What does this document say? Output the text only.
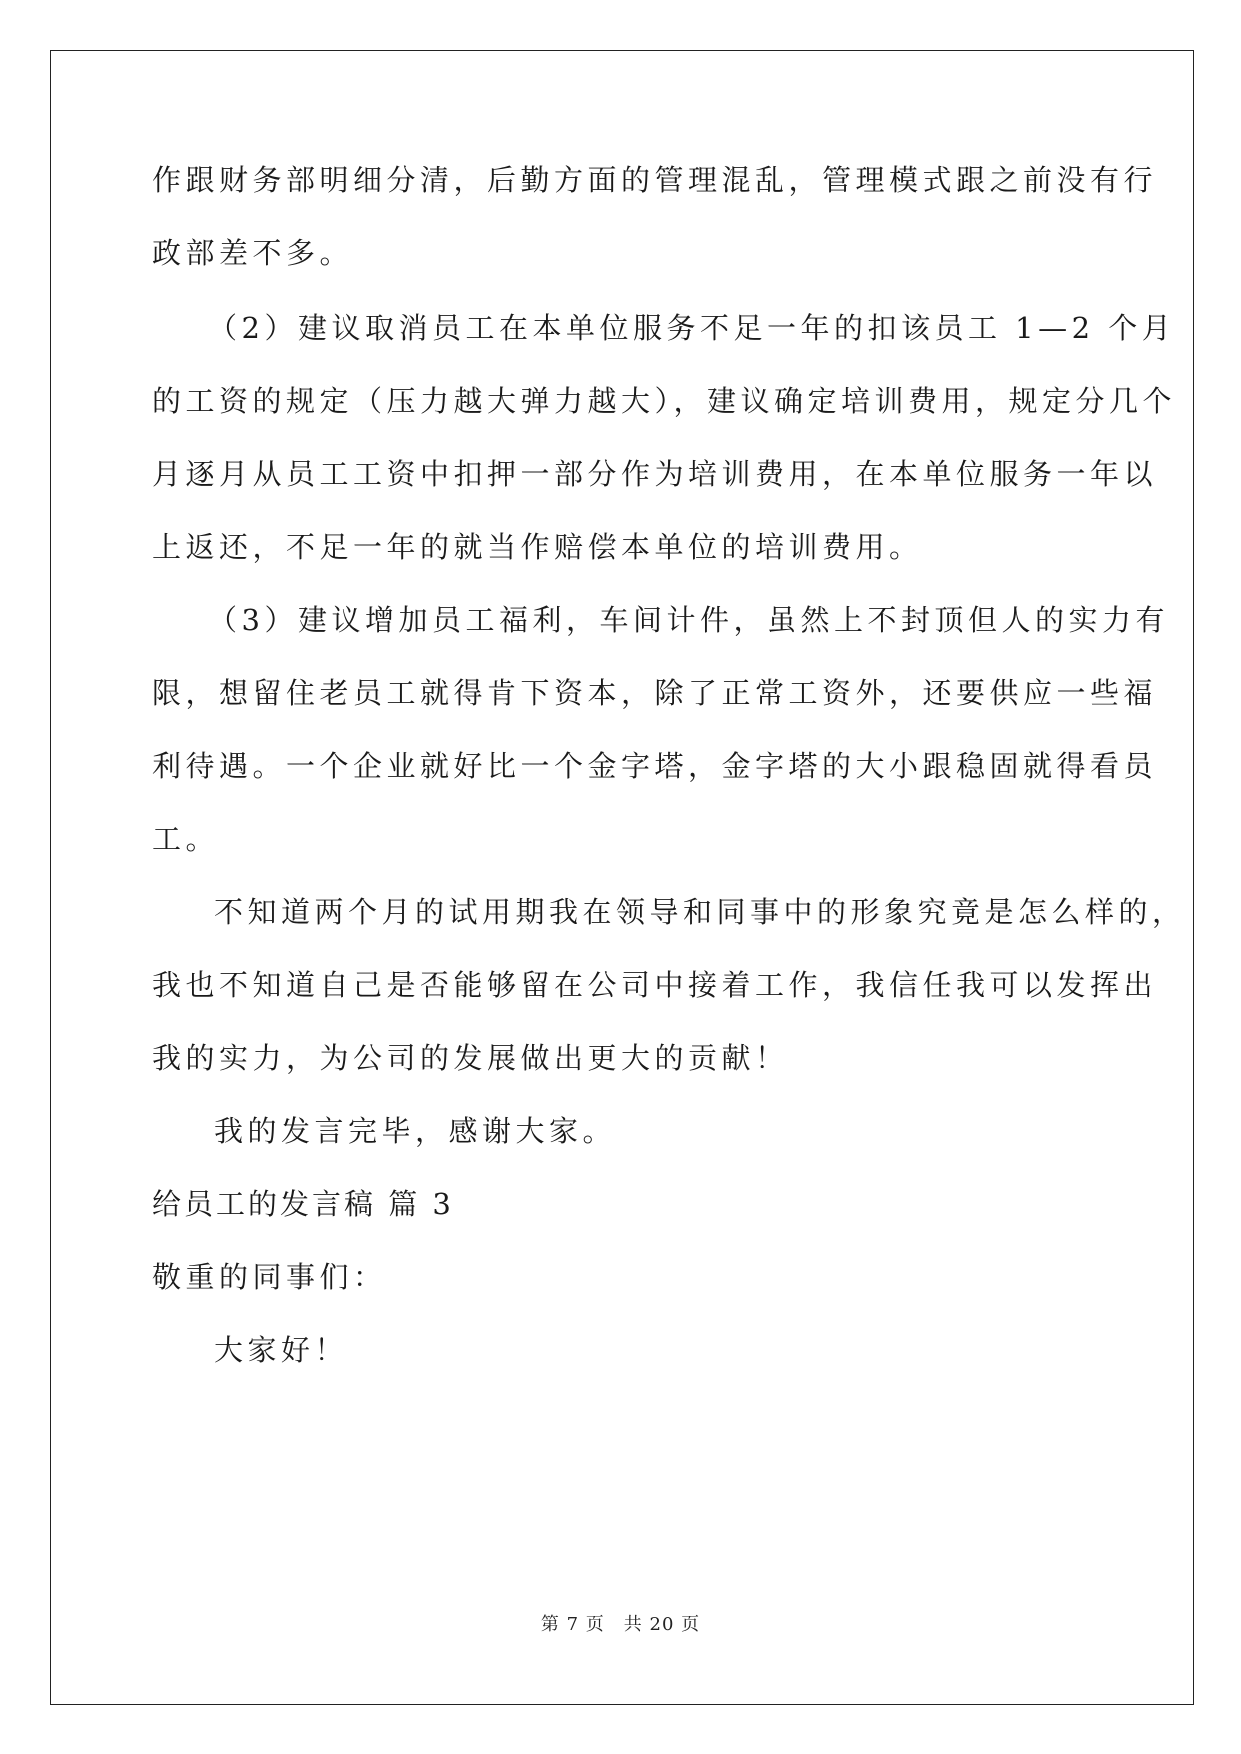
作跟财务部明细分清，后勤方面的管理混乱，管理模式跟之前没有行
政部差不多。
（2）建议取消员工在本单位服务不足一年的扣该员工 1—2 个月
的工资的规定（压力越大弹力越大），建议确定培训费用，规定分几个
月逐月从员工工资中扣押一部分作为培训费用，在本单位服务一年以
上返还，不足一年的就当作赔偿本单位的培训费用。
（3）建议增加员工福利，车间计件，虽然上不封顶但人的实力有
限，想留住老员工就得肯下资本，除了正常工资外，还要供应一些福
利待遇。一个企业就好比一个金字塔，金字塔的大小跟稳固就得看员
工。
不知道两个月的试用期我在领导和同事中的形象究竟是怎么样的，
我也不知道自己是否能够留在公司中接着工作，我信任我可以发挥出
我的实力，为公司的发展做出更大的贡献！
我的发言完毕，感谢大家。
给员工的发言稿 篇 3
敬重的同事们：
大家好！
第 7 页　共 20 页
